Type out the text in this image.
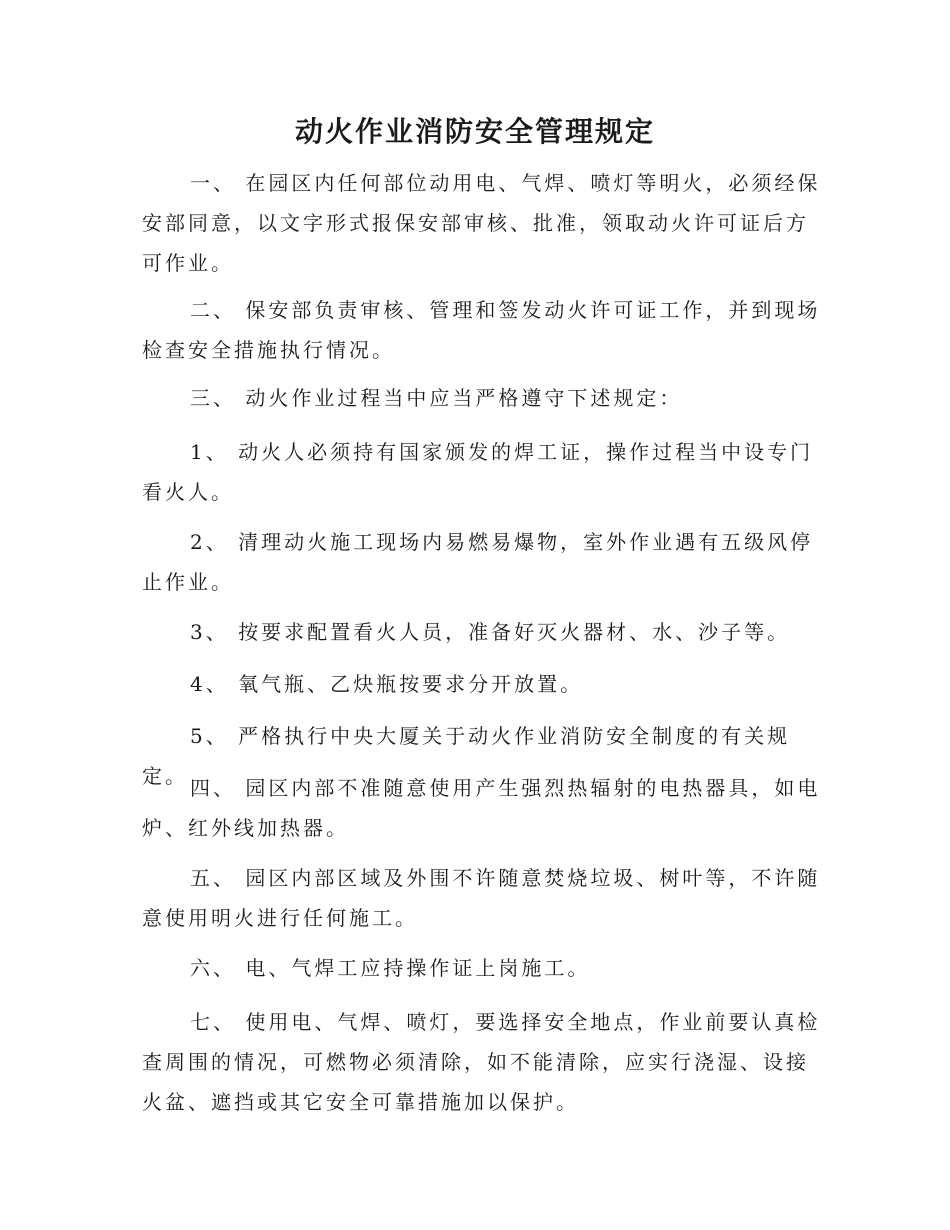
动火作业消防安全管理规定

一、 在园区内任何部位动用电、气焊、喷灯等明火，必须经保安部同意，以文字形式报保安部审核、批准，领取动火许可证后方可作业。

二、 保安部负责审核、管理和签发动火许可证工作，并到现场检查安全措施执行情况。

三、 动火作业过程当中应当严格遵守下述规定：

1、 动火人必须持有国家颁发的焊工证，操作过程当中设专门看火人。

2、 清理动火施工现场内易燃易爆物，室外作业遇有五级风停止作业。

3、 按要求配置看火人员，准备好灭火器材、水、沙子等。

4、 氧气瓶、乙炔瓶按要求分开放置。

5、 严格执行中央大厦关于动火作业消防安全制度的有关规定。 四、 园区内部不准随意使用产生强烈热辐射的电热器具，如电炉、红外线加热器。

五、 园区内部区域及外围不许随意焚烧垃圾、树叶等，不许随意使用明火进行任何施工。

六、 电、气焊工应持操作证上岗施工。

七、 使用电、气焊、喷灯，要选择安全地点，作业前要认真检查周围的情况，可燃物必须清除，如不能清除，应实行浇湿、设接火盆、遮挡或其它安全可靠措施加以保护。
